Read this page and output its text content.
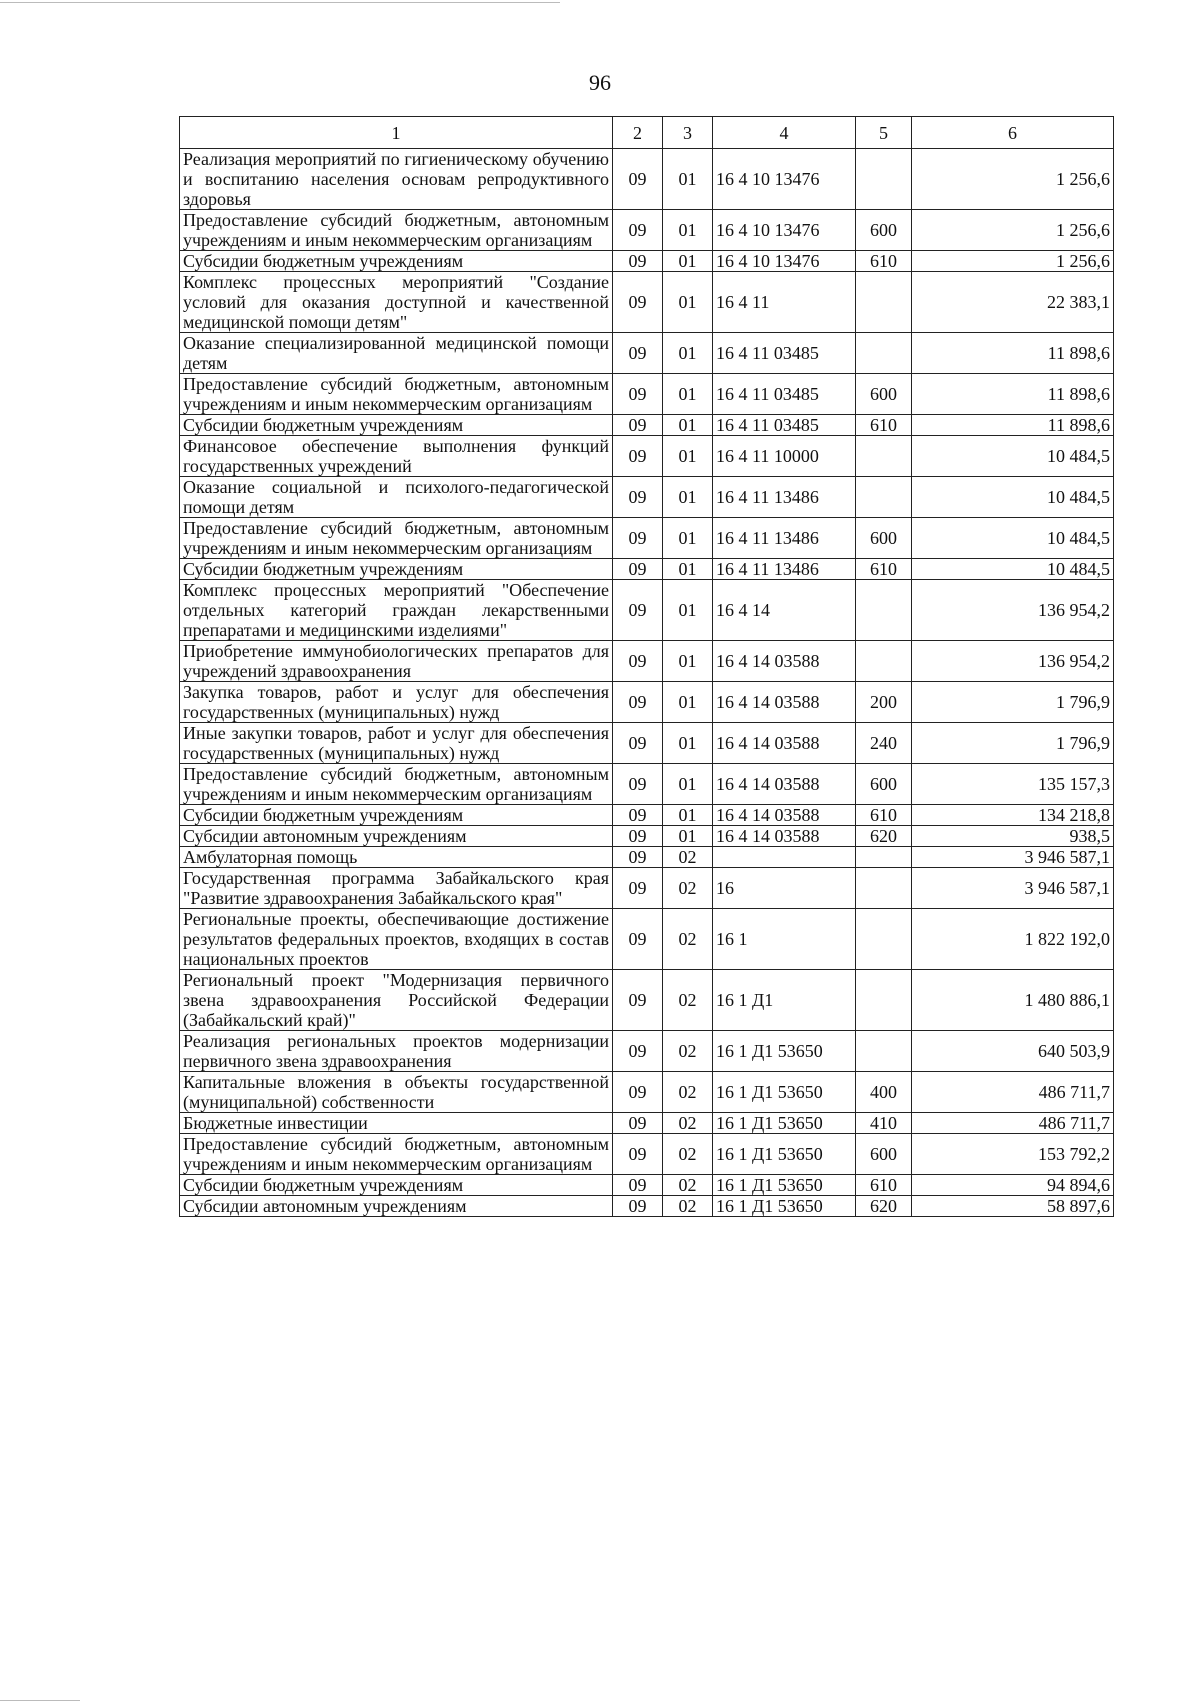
96
1	2	3	4	5	6
Реализация мероприятий по гигиеническому обучению и воспитанию населения основам репродуктивного здоровья	09	01	16 4 10 13476		1 256,6
Предоставление субсидий бюджетным, автономным учреждениям и иным некоммерческим организациям	09	01	16 4 10 13476	600	1 256,6
Субсидии бюджетным учреждениям	09	01	16 4 10 13476	610	1 256,6
Комплекс процессных мероприятий "Создание условий для оказания доступной и качественной медицинской помощи детям"	09	01	16 4 11		22 383,1
Оказание специализированной медицинской помощи детям	09	01	16 4 11 03485		11 898,6
Предоставление субсидий бюджетным, автономным учреждениям и иным некоммерческим организациям	09	01	16 4 11 03485	600	11 898,6
Субсидии бюджетным учреждениям	09	01	16 4 11 03485	610	11 898,6
Финансовое обеспечение выполнения функций государственных учреждений	09	01	16 4 11 10000		10 484,5
Оказание социальной и психолого-педагогической помощи детям	09	01	16 4 11 13486		10 484,5
Предоставление субсидий бюджетным, автономным учреждениям и иным некоммерческим организациям	09	01	16 4 11 13486	600	10 484,5
Субсидии бюджетным учреждениям	09	01	16 4 11 13486	610	10 484,5
Комплекс процессных мероприятий "Обеспечение отдельных категорий граждан лекарственными препаратами и медицинскими изделиями"	09	01	16 4 14		136 954,2
Приобретение иммунобиологических препаратов для учреждений здравоохранения	09	01	16 4 14 03588		136 954,2
Закупка товаров, работ и услуг для обеспечения государственных (муниципальных) нужд	09	01	16 4 14 03588	200	1 796,9
Иные закупки товаров, работ и услуг для обеспечения государственных (муниципальных) нужд	09	01	16 4 14 03588	240	1 796,9
Предоставление субсидий бюджетным, автономным учреждениям и иным некоммерческим организациям	09	01	16 4 14 03588	600	135 157,3
Субсидии бюджетным учреждениям	09	01	16 4 14 03588	610	134 218,8
Субсидии автономным учреждениям	09	01	16 4 14 03588	620	938,5
Амбулаторная помощь	09	02			3 946 587,1
Государственная программа Забайкальского края "Развитие здравоохранения Забайкальского края"	09	02	16		3 946 587,1
Региональные проекты, обеспечивающие достижение результатов федеральных проектов, входящих в состав национальных проектов	09	02	16 1		1 822 192,0
Региональный проект "Модернизация первичного звена здравоохранения Российской Федерации (Забайкальский край)"	09	02	16 1 Д1		1 480 886,1
Реализация региональных проектов модернизации первичного звена здравоохранения	09	02	16 1 Д1 53650		640 503,9
Капитальные вложения в объекты государственной (муниципальной) собственности	09	02	16 1 Д1 53650	400	486 711,7
Бюджетные инвестиции	09	02	16 1 Д1 53650	410	486 711,7
Предоставление субсидий бюджетным, автономным учреждениям и иным некоммерческим организациям	09	02	16 1 Д1 53650	600	153 792,2
Субсидии бюджетным учреждениям	09	02	16 1 Д1 53650	610	94 894,6
Субсидии автономным учреждениям	09	02	16 1 Д1 53650	620	58 897,6
